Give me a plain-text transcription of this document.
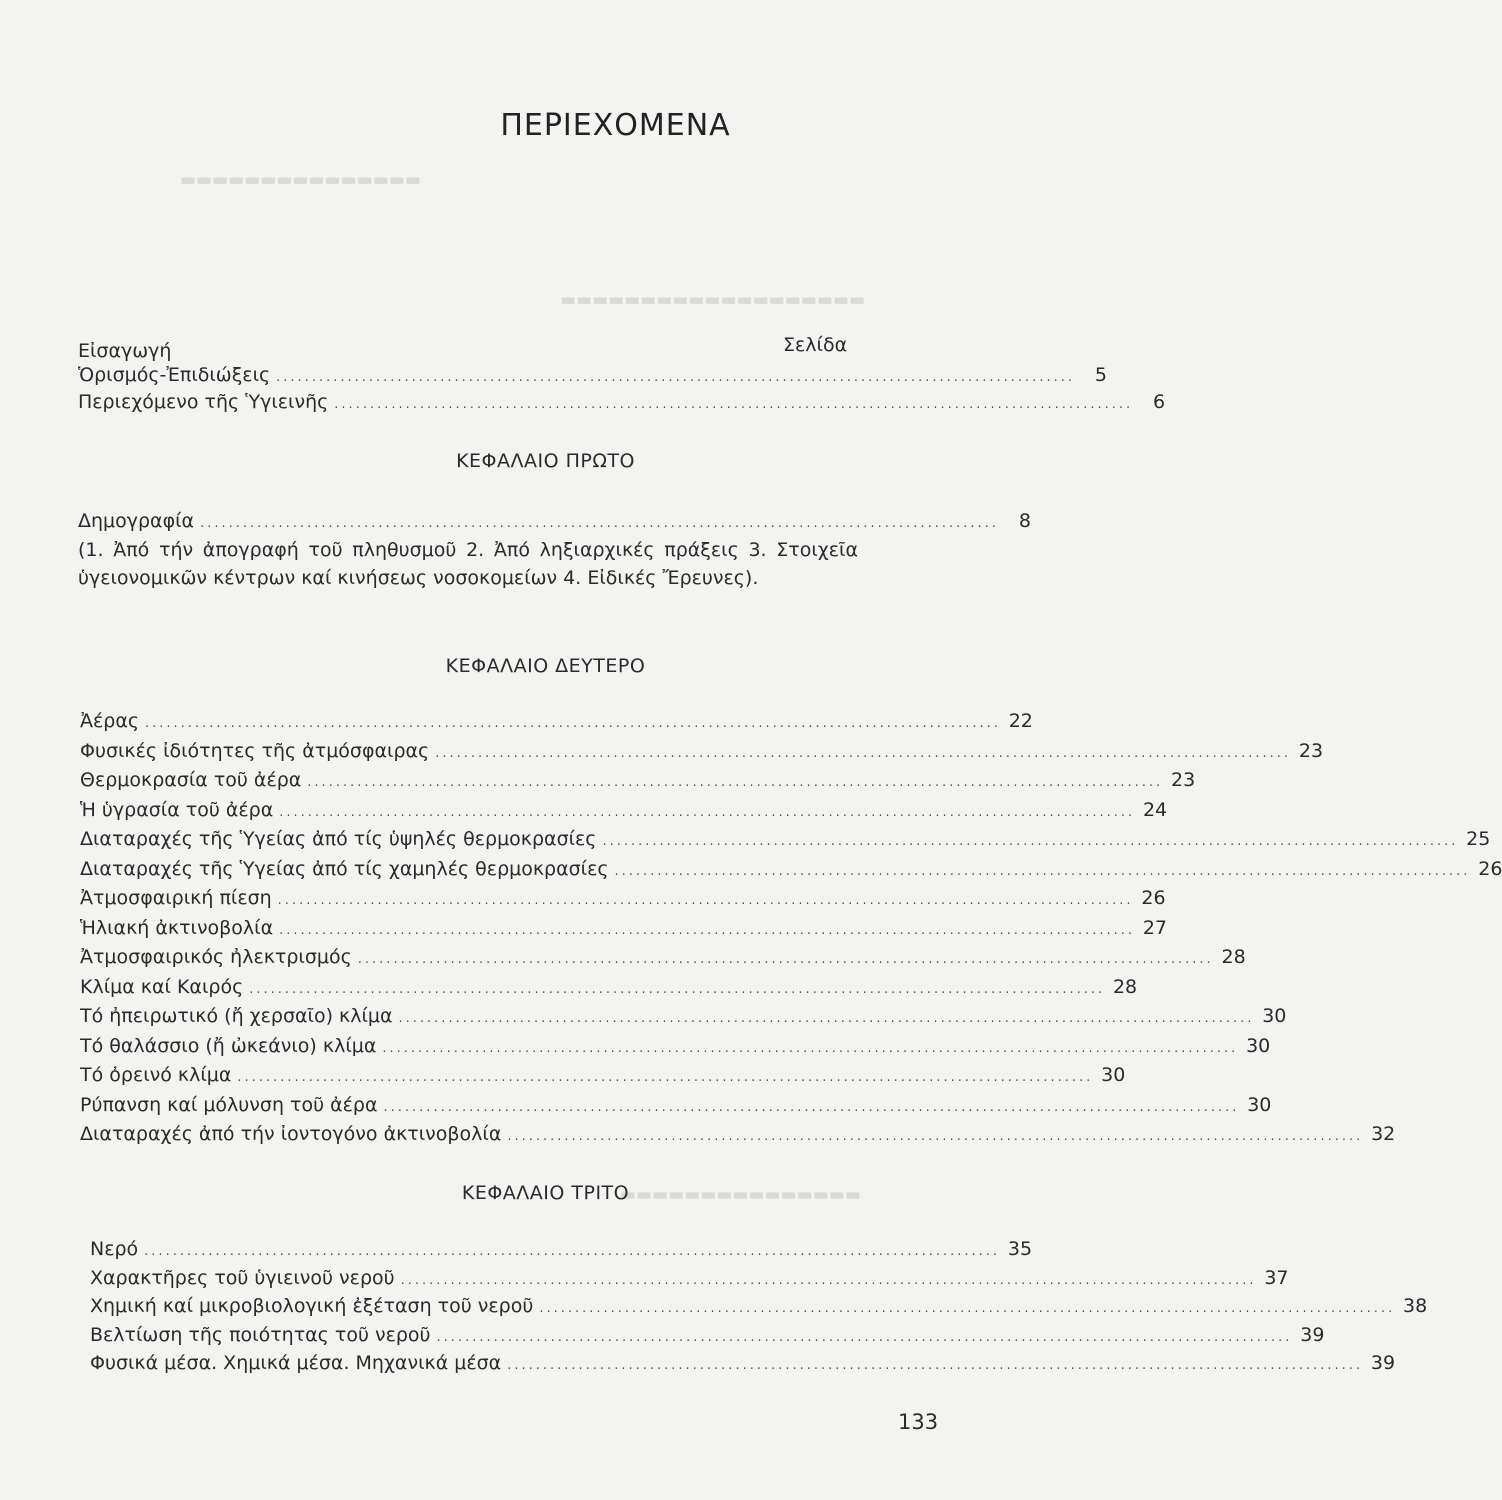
▬▬▬▬▬▬▬▬▬▬▬▬▬▬▬
▬▬▬▬▬▬▬▬▬▬▬▬▬▬▬▬▬▬▬
▬▬▬▬▬▬▬▬▬▬▬▬▬▬▬
ΠΕΡΙΕΧΟΜΕΝΑ
Σελίδα
Εἰσαγωγή
Ὁρισμός-Ἐπιδιώξεις ................................................................................................................	5
Περιεχόμενο τῆς Ὑγιεινῆς ................................................................................................................	6
ΚΕΦΑΛΑΙΟ ΠΡΩΤΟ
Δημογραφία ................................................................................................................	8
(1. Ἀπό τήν ἀπογραφή τοῦ πληθυσμοῦ 2. Ἀπό ληξιαρχικές πράξεις 3. Στοιχεῖα ὑγειονομικῶν κέντρων καί κινήσεως νοσοκομείων 4. Εἰδικές Ἔρευνες).
ΚΕΦΑΛΑΙΟ ΔΕΥΤΕΡΟ
Ἀέρας ........................................................................................................................ 22
Φυσικές ἰδιότητες τῆς ἀτμόσφαιρας ........................................................................................................................ 23
Θερμοκρασία τοῦ ἀέρα ........................................................................................................................ 23
Ἡ ὑγρασία τοῦ ἀέρα ........................................................................................................................ 24
Διαταραχές τῆς Ὑγείας ἀπό τίς ὑψηλές θερμοκρασίες ........................................................................................................................ 25
Διαταραχές τῆς Ὑγείας ἀπό τίς χαμηλές θερμοκρασίες ........................................................................................................................ 26
Ἀτμοσφαιρική πίεση ........................................................................................................................ 26
Ἡλιακή ἀκτινοβολία ........................................................................................................................ 27
Ἀτμοσφαιρικός ἠλεκτρισμός ........................................................................................................................ 28
Κλίμα καί Καιρός ........................................................................................................................ 28
Τό ἠπειρωτικό (ἤ χερσαῖο) κλίμα ........................................................................................................................ 30
Τό θαλάσσιο (ἤ ὠκεάνιο) κλίμα ........................................................................................................................ 30
Τό ὀρεινό κλίμα ........................................................................................................................ 30
Ρύπανση καί μόλυνση τοῦ ἀέρα ........................................................................................................................ 30
Διαταραχές ἀπό τήν ἰοντογόνο ἀκτινοβολία ........................................................................................................................ 32
ΚΕΦΑΛΑΙΟ ΤΡΙΤΟ
Νερό ........................................................................................................................ 35
Χαρακτῆρες τοῦ ὑγιεινοῦ νεροῦ ........................................................................................................................ 37
Χημική καί μικροβιολογική ἐξέταση τοῦ νεροῦ ........................................................................................................................ 38
Βελτίωση τῆς ποιότητας τοῦ νεροῦ ........................................................................................................................ 39
Φυσικά μέσα. Χημικά μέσα. Μηχανικά μέσα ........................................................................................................................ 39
133
